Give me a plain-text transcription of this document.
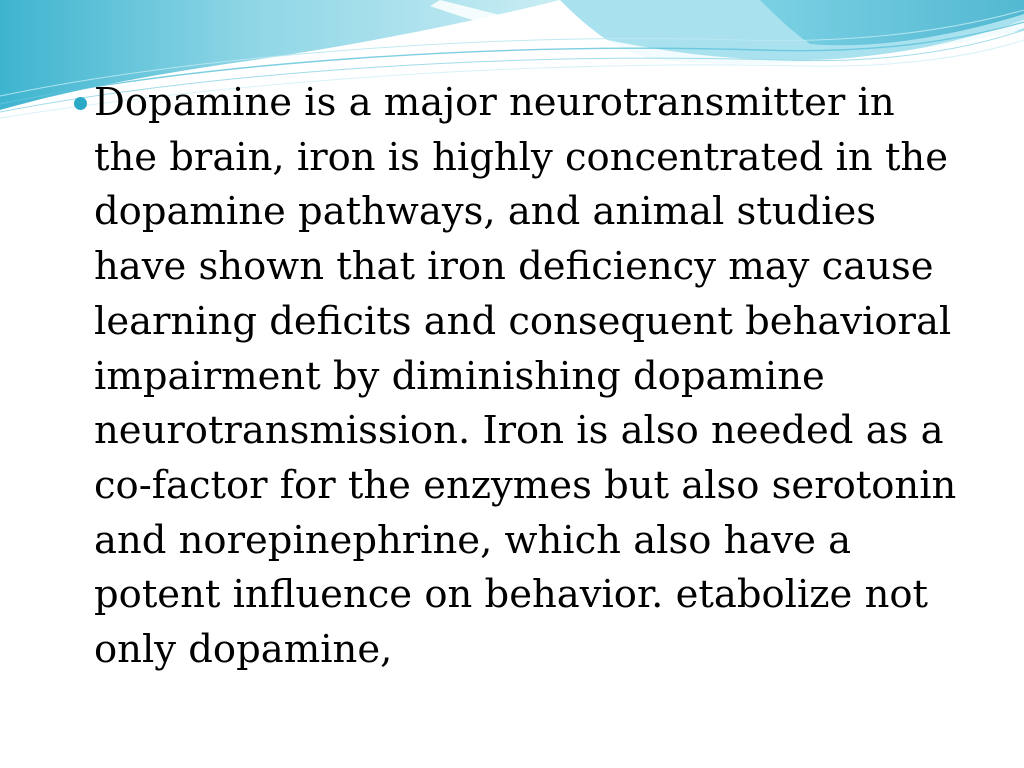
Dopamine is a major neurotransmitter in
the brain, iron is highly concentrated in the
dopamine pathways, and animal studies
have shown that iron deficiency may cause
learning deficits and consequent behavioral
impairment by diminishing dopamine
neurotransmission. Iron is also needed as a
co-factor for the enzymes but also serotonin
and norepinephrine, which also have a
potent influence on behavior. etabolize not
only dopamine,
